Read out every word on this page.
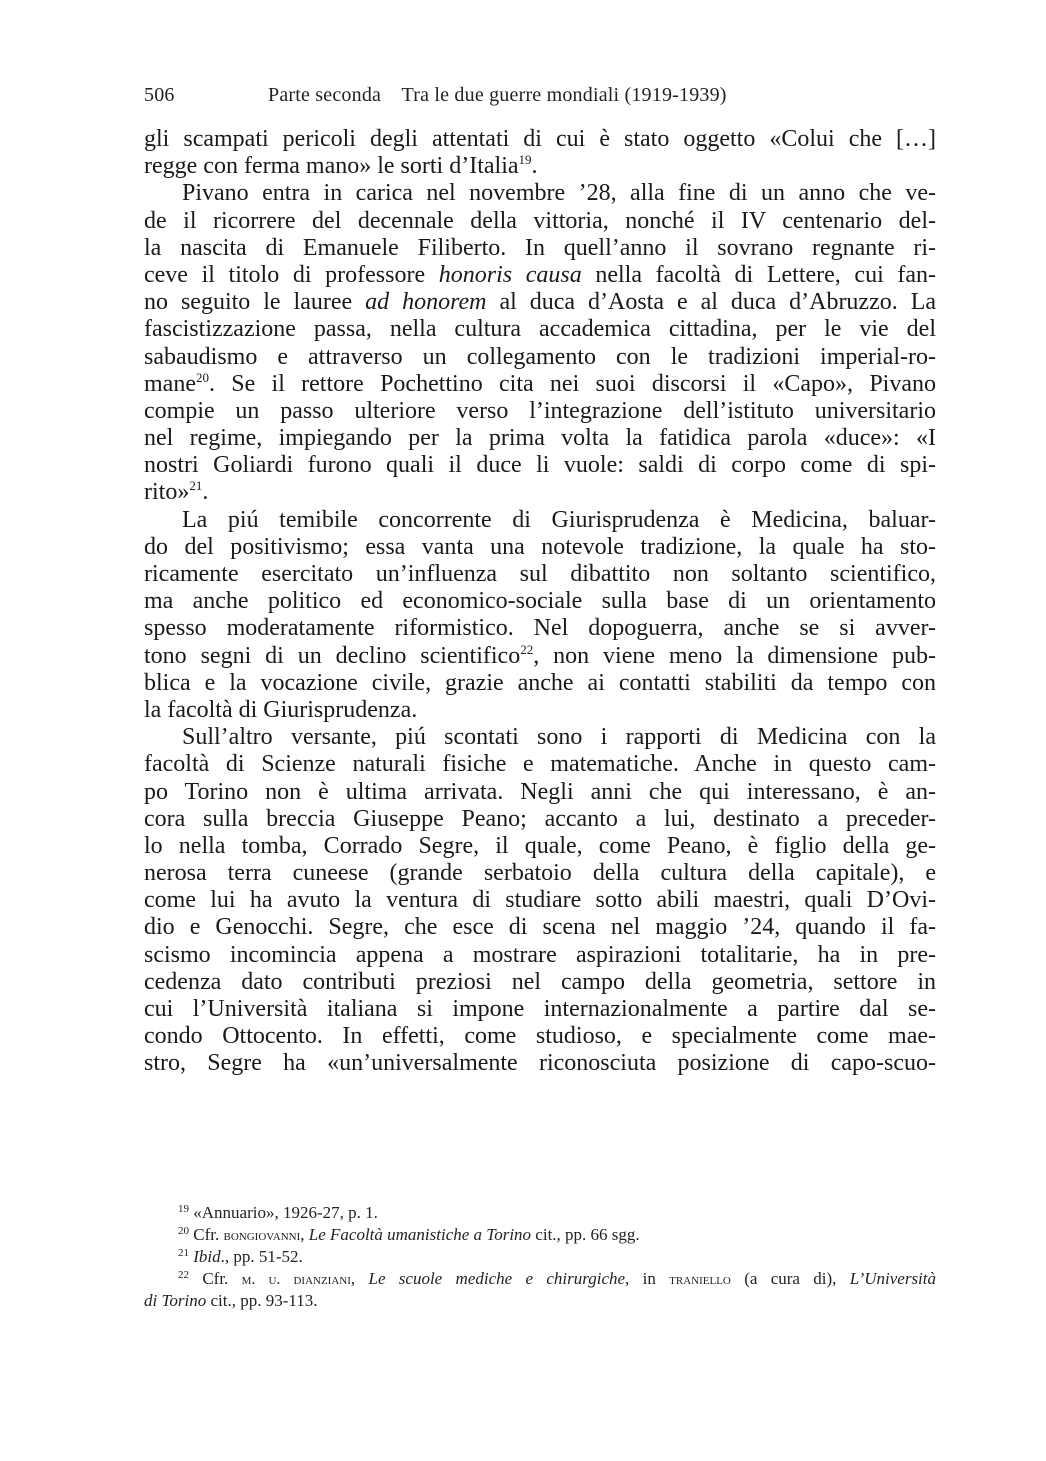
506	Parte seconda    Tra le due guerre mondiali (1919-1939)
gli scampati pericoli degli attentati di cui è stato oggetto «Colui che […]
regge con ferma mano» le sorti d’Italia$^{19}$.
Pivano entra in carica nel novembre ’28, alla fine di un anno che ve-
de il ricorrere del decennale della vittoria, nonché il IV centenario del-
la nascita di Emanuele Filiberto. In quell’anno il sovrano regnante ri-
ceve il titolo di professore honoris causa nella facoltà di Lettere, cui fan-
no seguito le lauree ad honorem al duca d’Aosta e al duca d’Abruzzo. La
fascistizzazione passa, nella cultura accademica cittadina, per le vie del
sabaudismo e attraverso un collegamento con le tradizioni imperial-ro-
mane$^{20}$. Se il rettore Pochettino cita nei suoi discorsi il «Capo», Pivano
compie un passo ulteriore verso l’integrazione dell’istituto universitario
nel regime, impiegando per la prima volta la fatidica parola «duce»: «I
nostri Goliardi furono quali il duce li vuole: saldi di corpo come di spi-
rito»$^{21}$.
La piú temibile concorrente di Giurisprudenza è Medicina, baluar-
do del positivismo; essa vanta una notevole tradizione, la quale ha sto-
ricamente esercitato un’influenza sul dibattito non soltanto scientifico,
ma anche politico ed economico-sociale sulla base di un orientamento
spesso moderatamente riformistico. Nel dopoguerra, anche se si avver-
tono segni di un declino scientifico$^{22}$, non viene meno la dimensione pub-
blica e la vocazione civile, grazie anche ai contatti stabiliti da tempo con
la facoltà di Giurisprudenza.
Sull’altro versante, piú scontati sono i rapporti di Medicina con la
facoltà di Scienze naturali fisiche e matematiche. Anche in questo cam-
po Torino non è ultima arrivata. Negli anni che qui interessano, è an-
cora sulla breccia Giuseppe Peano; accanto a lui, destinato a preceder-
lo nella tomba, Corrado Segre, il quale, come Peano, è figlio della ge-
nerosa terra cuneese (grande serbatoio della cultura della capitale), e
come lui ha avuto la ventura di studiare sotto abili maestri, quali D’Ovi-
dio e Genocchi. Segre, che esce di scena nel maggio ’24, quando il fa-
scismo incomincia appena a mostrare aspirazioni totalitarie, ha in pre-
cedenza dato contributi preziosi nel campo della geometria, settore in
cui l’Università italiana si impone internazionalmente a partire dal se-
condo Ottocento. In effetti, come studioso, e specialmente come mae-
stro, Segre ha «un’universalmente riconosciuta posizione di capo-scuo-
$^{19}$ «Annuario», 1926-27, p. 1.
$^{20}$ Cfr. bongiovanni, Le Facoltà umanistiche a Torino cit., pp. 66 sgg.
$^{21}$ Ibid., pp. 51-52.
$^{22}$ Cfr. m. u. dianziani, Le scuole mediche e chirurgiche, in traniello (a cura di), L’Università
di Torino cit., pp. 93-113.
